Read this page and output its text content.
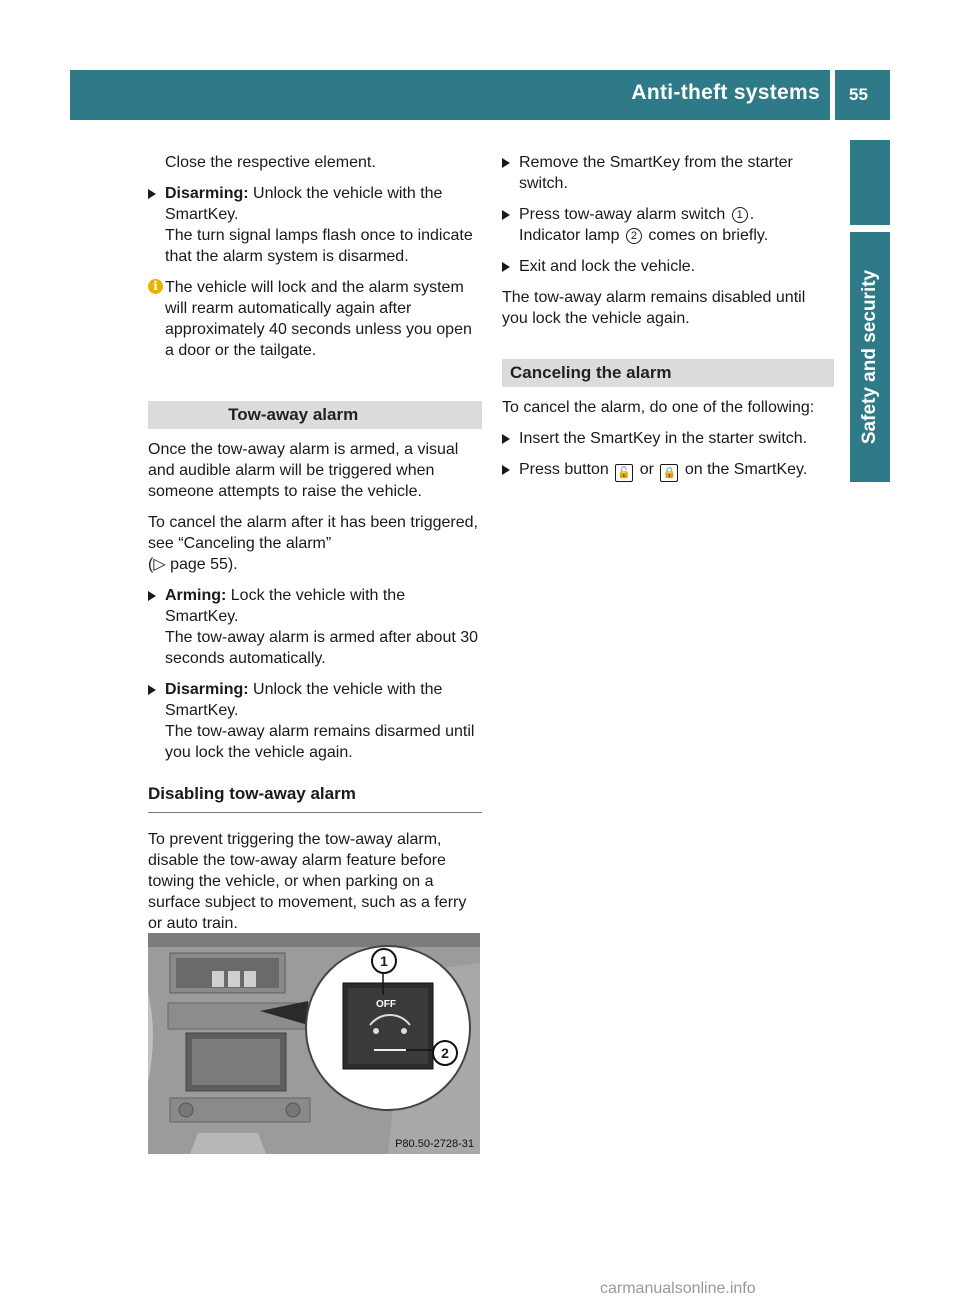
Anti-theft systems 55
Safety and security

Close the respective element.

Disarming: Unlock the vehicle with the SmartKey.
The turn signal lamps flash once to indicate that the alarm system is disarmed.
i The vehicle will lock and the alarm system will rearm automatically again after approximately 40 seconds unless you open a door or the tailgate.
Tow-away alarm

Once the tow-away alarm is armed, a visual and audible alarm will be triggered when someone attempts to raise the vehicle.

To cancel the alarm after it has been triggered, see “Canceling the alarm”
(▷ page 55).

Arming: Lock the vehicle with the SmartKey.
The tow-away alarm is armed after about 30 seconds automatically.
Disarming: Unlock the vehicle with the SmartKey.
The tow-away alarm remains disarmed until you lock the vehicle again.
Disabling tow-away alarm

To prevent triggering the tow-away alarm, disable the tow-away alarm feature before towing the vehicle, or when parking on a surface subject to movement, such as a ferry or auto train.

OFF
1
2
P80.50-2728-31
Remove the SmartKey from the starter switch.
Press tow-away alarm switch 1 .
Indicator lamp 2 comes on briefly.
Exit and lock the vehicle.

The tow-away alarm remains disabled until you lock the vehicle again.

Canceling the alarm

To cancel the alarm, do one of the following:

Insert the SmartKey in the starter switch.
Press button 🔓 or 🔒 on the SmartKey.
carmanualsonline.info
